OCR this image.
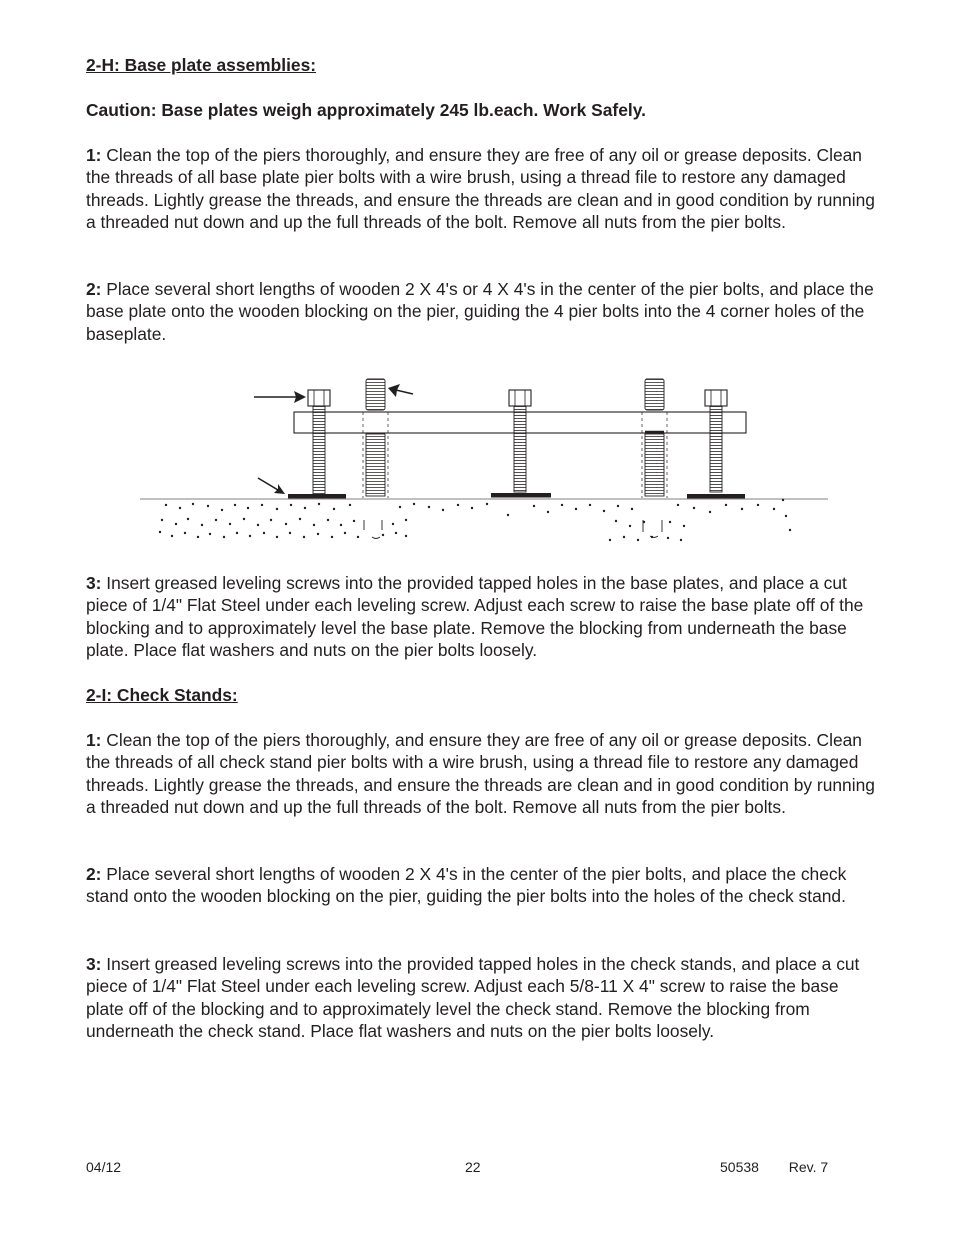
2-H: Base plate assemblies:
Caution: Base plates weigh approximately 245 lb.each. Work Safely.
1: Clean the top of the piers thoroughly, and ensure they are free of any oil or grease deposits. Clean the threads of all base plate pier bolts with a wire brush, using a thread file to restore any damaged threads. Lightly grease the threads, and ensure the threads are clean and in good condition by running a threaded nut down and up the full threads of the bolt. Remove all nuts from the pier bolts.
2: Place several short lengths of wooden 2 X 4's or 4 X 4's in the center of the pier bolts, and place the base plate onto the wooden blocking on the pier, guiding the 4 pier bolts into the 4 corner holes of the baseplate.
3: Insert greased leveling screws into the provided tapped holes in the base plates, and place a cut piece of 1/4" Flat Steel under each leveling screw. Adjust each screw to raise the base plate off of the blocking and to approximately level the base plate. Remove the blocking from underneath the base plate. Place flat washers and nuts on the pier bolts loosely.
2-I: Check Stands:
1: Clean the top of the piers thoroughly, and ensure they are free of any oil or grease deposits. Clean the threads of all check stand pier bolts with a wire brush, using a thread file to restore any damaged threads. Lightly grease the threads, and ensure the threads are clean and in good condition by running a threaded nut down and up the full threads of the bolt. Remove all nuts from the pier bolts.
2: Place several short lengths of wooden 2 X 4's in the center of the pier bolts, and place the check stand onto the wooden blocking on the pier, guiding the pier bolts into the holes of the check stand.
3: Insert greased leveling screws into the provided tapped holes in the check stands, and place a cut piece of 1/4" Flat Steel under each leveling screw. Adjust each 5/8-11 X 4" screw to raise the base plate off of the blocking and to approximately level the check stand. Remove the blocking from underneath the check stand. Place flat washers and nuts on the pier bolts loosely.
04/12	22	50538 Rev. 7
